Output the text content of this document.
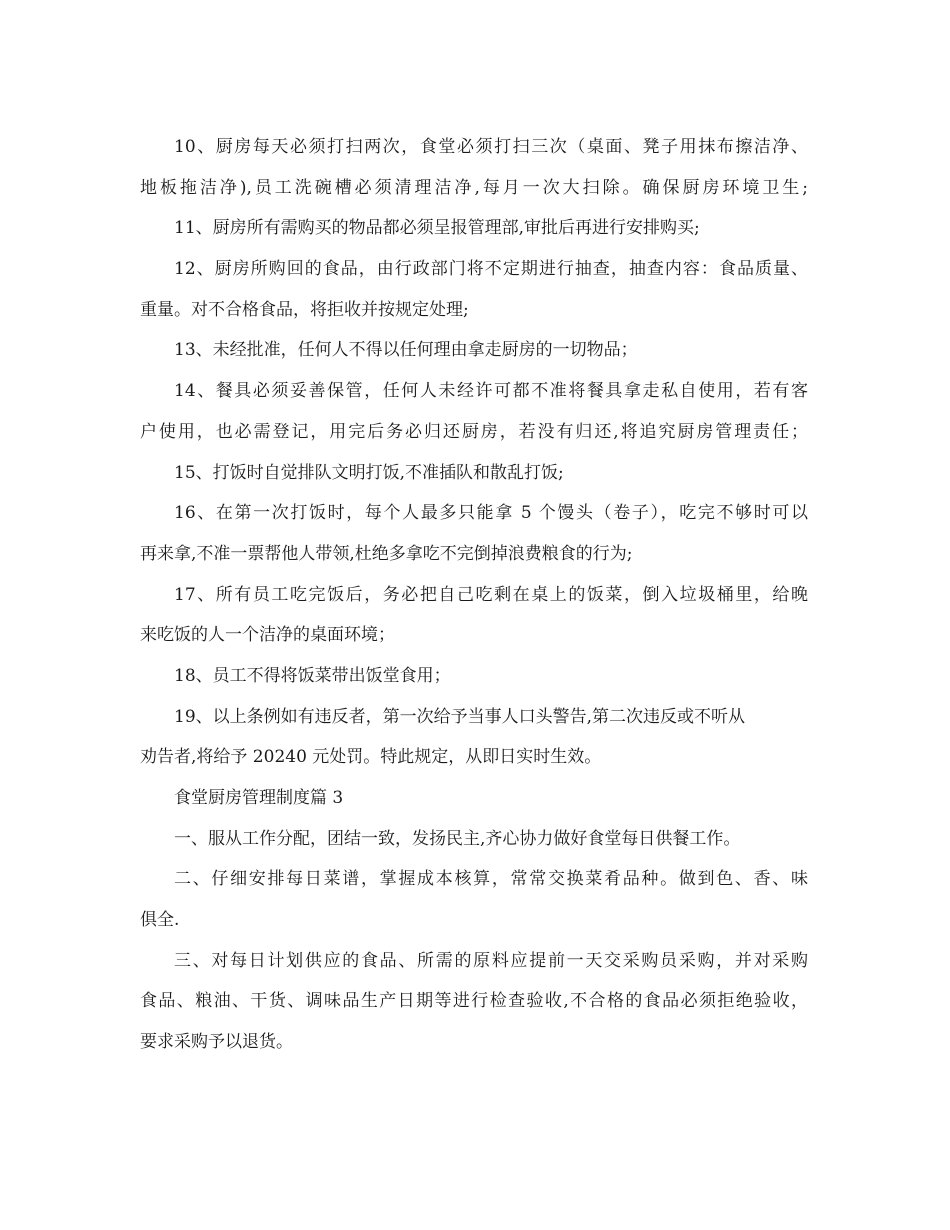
10、厨房每天必须打扫两次，食堂必须打扫三次（桌面、凳子用抹布擦洁净、
地板拖洁净),员工洗碗槽必须清理洁净,每月一次大扫除。确保厨房环境卫生;
11、厨房所有需购买的物品都必须呈报管理部,审批后再进行安排购买;
12、厨房所购回的食品，由行政部门将不定期进行抽查，抽查内容：食品质量、
重量。对不合格食品，将拒收并按规定处理;
13、未经批准，任何人不得以任何理由拿走厨房的一切物品；
14、餐具必须妥善保管，任何人未经许可都不准将餐具拿走私自使用，若有客
户使用，也必需登记，用完后务必归还厨房，若没有归还,将追究厨房管理责任；
15、打饭时自觉排队文明打饭,不准插队和散乱打饭;
16、在第一次打饭时，每个人最多只能拿 5 个馒头（卷子），吃完不够时可以
再来拿,不准一票帮他人带领,杜绝多拿吃不完倒掉浪费粮食的行为;
17、所有员工吃完饭后，务必把自己吃剩在桌上的饭菜，倒入垃圾桶里，给晚
来吃饭的人一个洁净的桌面环境；
18、员工不得将饭菜带出饭堂食用；
19、以上条例如有违反者，第一次给予当事人口头警告,第二次违反或不听从
劝告者,将给予 20240 元处罚。特此规定，从即日实时生效。
食堂厨房管理制度篇 3
一、服从工作分配，团结一致，发扬民主,齐心协力做好食堂每日供餐工作。
二、仔细安排每日菜谱，掌握成本核算，常常交换菜肴品种。做到色、香、味
俱全.
三、对每日计划供应的食品、所需的原料应提前一天交采购员采购，并对采购
食品、粮油、干货、调味品生产日期等进行检查验收,不合格的食品必须拒绝验收，
要求采购予以退货。
